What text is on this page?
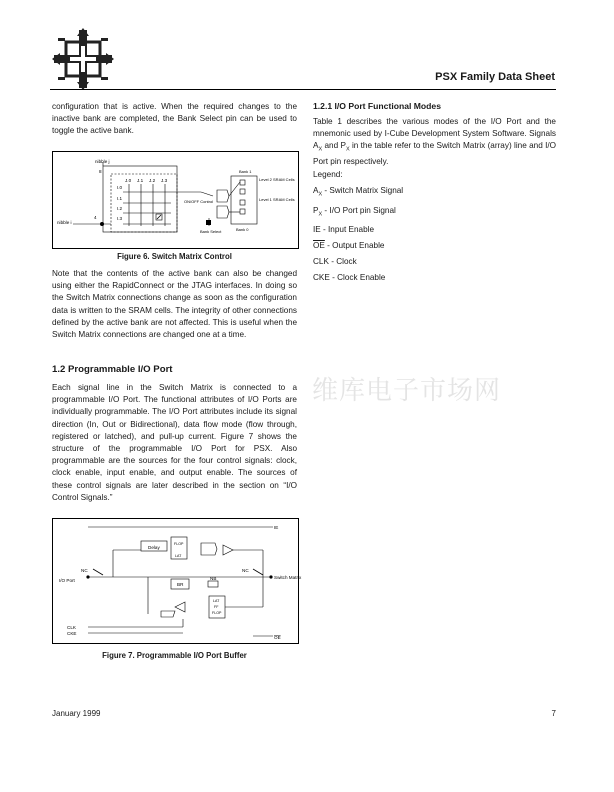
PSX Family Data Sheet
维库电子市场网

configuration that is active. When the required changes to the inactive bank are completed, the Bank Select pin can be used to toggle the active bank.

nibble j
nibble i
8
4
J.0 J.1 J.2 J.3
I.0
I.1
I.2
I.3
ON/OFF Control
Bank 1
Bank 0
Bank Select
Level 2 SRAM Cells
Level 1 SRAM Cells
Figure 6. Switch Matrix Control

Note that the contents of the active bank can also be changed using either the RapidConnect or the JTAG interfaces. In doing so the Switch Matrix connections change as soon as the configuration data is written to the SRAM cells. The integrity of other connections defined by the active bank are not affected. This is useful when the Switch Matrix connections are changed one at a time.

1.2 Programmable I/O Port

Each signal line in the Switch Matrix is connected to a programmable I/O Port. The functional attributes of I/O Ports are individually programmable. The I/O Port attributes include its signal direction (In, Out or Bidirectional), data flow mode (flow through, registered or latched), and pull-up current. Figure 7 shows the structure of the programmable I/O Port for PSX. Also programmable are the sources for the four control signals: clock, clock enable, input enable, and output enable. The sources of these control signals are later described in the section on “I/O Control Signals.”

IE
Delay
FLOP
LAT
NC	NC
I/O Port
Switch Matrix
BR
NB
LAT
FF
FLOP
CLK
CKE
OE
Figure 7. Programmable I/O Port Buffer
1.2.1 I/O Port Functional Modes

Table 1 describes the various modes of the I/O Port and the mnemonic used by I-Cube Development System Software. Signals $A_X$ and $P_X$ in the table refer to the Switch Matrix (array) line and I/O Port pin respectively.

Legend:

$A_X$ - Switch Matrix Signal

$P_X - I/O$ Port pin Signal

IE - Input Enable

$\overline{OE}$ - Output Enable

CLK - Clock

CKE - Clock Enable

January 1999	7
